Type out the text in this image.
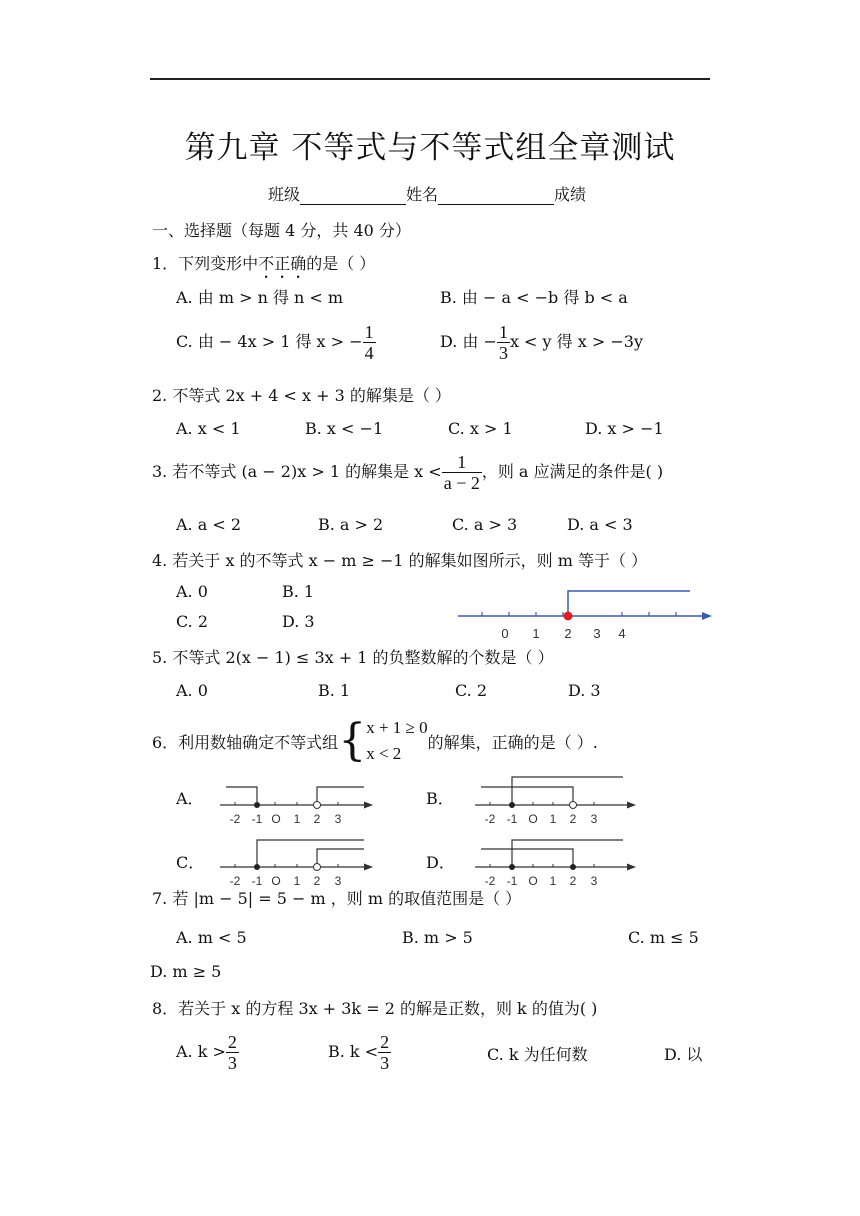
第九章 不等式与不等式组全章测试
班级	姓名	成绩
一、选择题（每题 4 分，共 40 分）
1．下列变形中不正确的是（ ）
A. 由 m > n 得 n < m	B. 由 − a < −b 得 b < a
C. 由 − 4x > 1 得 x > − $\frac{1}{4}$	D. 由 − $\frac{1}{3}$ x < y 得 x > −3y
2. 不等式 2x + 4 < x + 3 的解集是（ ）
A. x < 1	B. x < −1	C. x > 1	D. x > −1
3. 若不等式 (a − 2)x > 1 的解集是 $x < \frac{1}{a - 2}$ ，则 a 应满足的条件是( )
A. a < 2	B. a > 2	C. a > 3	D. a < 3
4. 若关于 x 的不等式 x − m ≥ −1 的解集如图所示，则 m 等于（ ）
A. 0	B. 1
C. 2	D. 3
0 1 2 3 4
5. 不等式 2(x − 1) ≤ 3x + 1 的负整数解的个数是（ ）
A. 0	B. 1	C. 2	D. 3
6．利用数轴确定不等式组 { x + 1 ≥ 0
x < 2
的解集，正确的是（ ）.
A．
-2 -1 O 1 2 3
B．
-2 -1 O 1 2 3
C．
-2 -1 O 1 2 3
D．
-2 -1 O 1 2 3
7. 若 |m − 5| = 5 − m ，则 m 的取值范围是（ ）
A. m < 5	B. m > 5	C. m ≤ 5
D. m ≥ 5
8．若关于 x 的方程 3x + 3k = 2 的解是正数，则 k 的值为( )
A. $k > \frac{2}{3}$	B. $k < \frac{2}{3}$	C. k 为任何数	D. 以
